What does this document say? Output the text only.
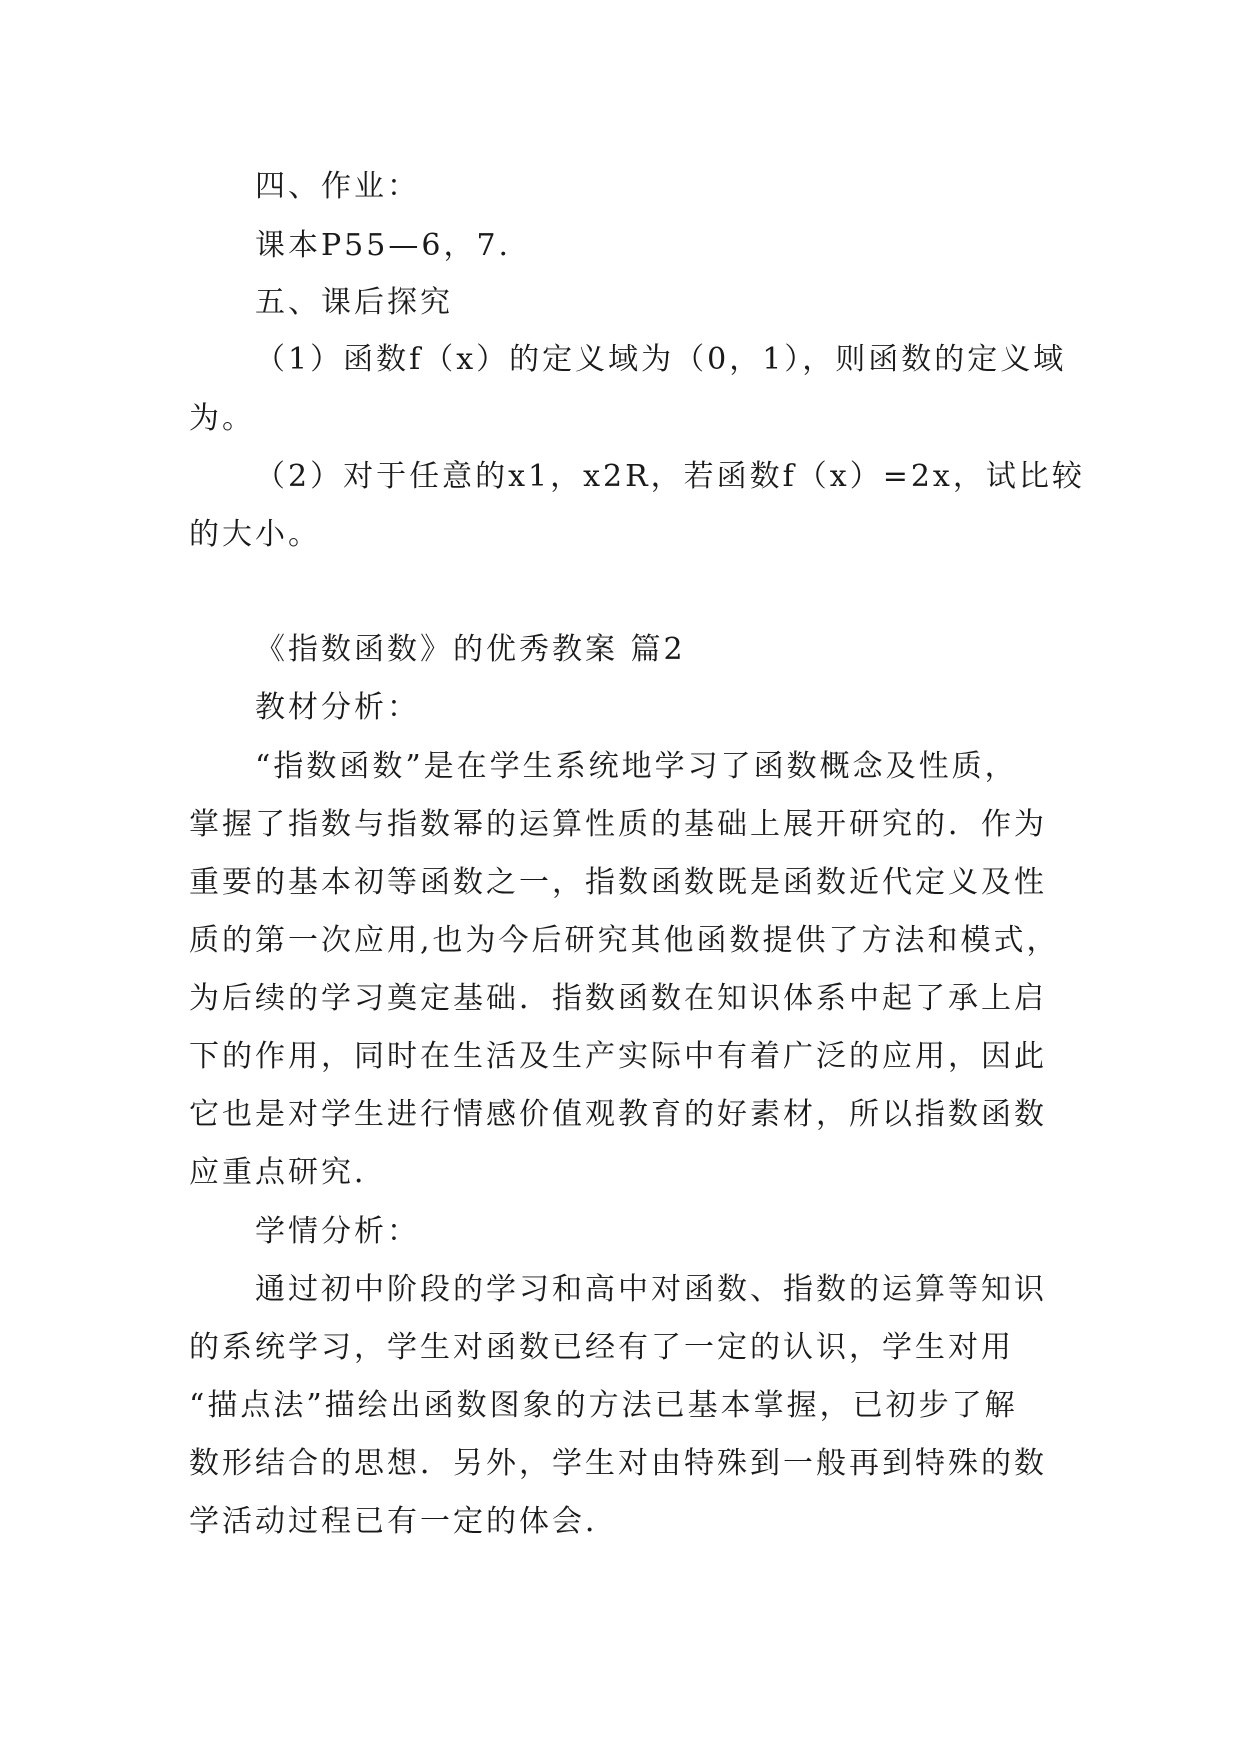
四、作业：
课本P55—6，7.
五、课后探究
（1）函数f（x）的定义域为（0，1），则函数的定义域
为。
（2）对于任意的x1，x2R，若函数f（x）=2x，试比较
的大小。
《指数函数》的优秀教案 篇2
教材分析：
“指数函数”是在学生系统地学习了函数概念及性质，
掌握了指数与指数幂的运算性质的基础上展开研究的．作为
重要的基本初等函数之一，指数函数既是函数近代定义及性
质的第一次应用,也为今后研究其他函数提供了方法和模式，
为后续的学习奠定基础．指数函数在知识体系中起了承上启
下的作用，同时在生活及生产实际中有着广泛的应用，因此
它也是对学生进行情感价值观教育的好素材，所以指数函数
应重点研究．
学情分析：
通过初中阶段的学习和高中对函数、指数的运算等知识
的系统学习，学生对函数已经有了一定的认识，学生对用
“描点法”描绘出函数图象的方法已基本掌握，已初步了解
数形结合的思想．另外，学生对由特殊到一般再到特殊的数
学活动过程已有一定的体会．
